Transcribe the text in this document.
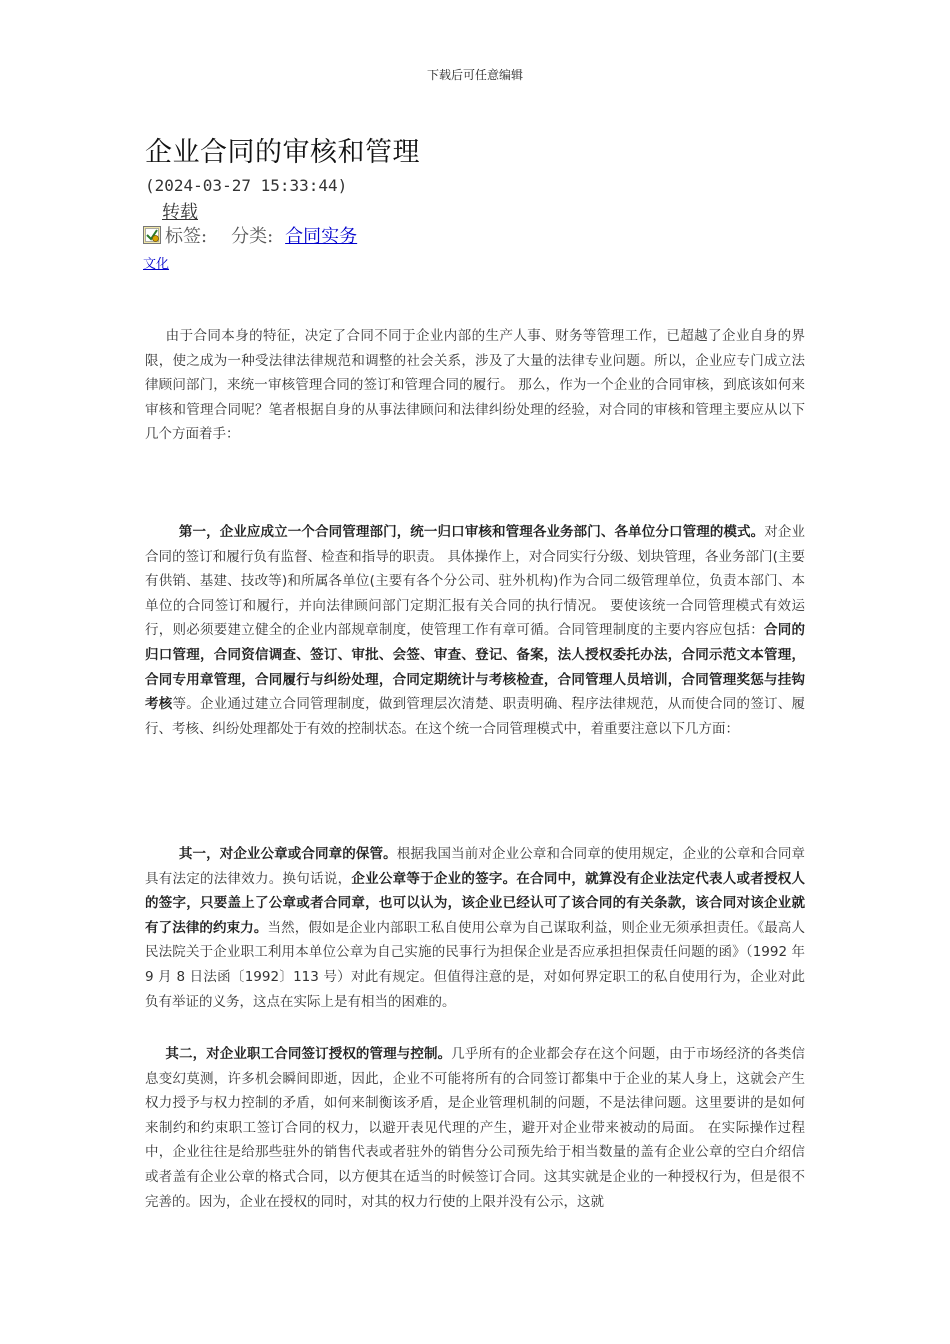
下载后可任意编辑
企业合同的审核和管理
(2024-03-27 15:33:44)
转载
标签: 分类: 合同实务
文化

  由于合同本身的特征，决定了合同不同于企业内部的生产人事、财务等管理工作，已超越了企业自身的界限，使之成为一种受法律法律规范和调整的社会关系，涉及了大量的法律专业问题。所以，企业应专门成立法律顾问部门，来统一审核管理合同的签订和管理合同的履行。 那么，作为一个企业的合同审核，到底该如何来审核和管理合同呢？笔者根据自身的从事法律顾问和法律纠纷处理的经验，对合同的审核和管理主要应从以下几个方面着手：

   第一，企业应成立一个合同管理部门，统一归口审核和管理各业务部门、各单位分口管理的模式。对企业合同的签订和履行负有监督、检查和指导的职责。 具体操作上，对合同实行分级、划块管理，各业务部门(主要有供销、基建、技改等)和所属各单位(主要有各个分公司、驻外机构)作为合同二级管理单位，负责本部门、本单位的合同签订和履行，并向法律顾问部门定期汇报有关合同的执行情况。 要使该统一合同管理模式有效运行，则必须要建立健全的企业内部规章制度，使管理工作有章可循。合同管理制度的主要内容应包括：合同的归口管理，合同资信调查、签订、审批、会签、审查、登记、备案，法人授权委托办法，合同示范文本管理，合同专用章管理，合同履行与纠纷处理，合同定期统计与考核检查，合同管理人员培训，合同管理奖惩与挂钩考核等。企业通过建立合同管理制度，做到管理层次清楚、职责明确、程序法律规范，从而使合同的签订、履行、考核、纠纷处理都处于有效的控制状态。在这个统一合同管理模式中，着重要注意以下几方面：

   其一，对企业公章或合同章的保管。根据我国当前对企业公章和合同章的使用规定，企业的公章和合同章具有法定的法律效力。换句话说，企业公章等于企业的签字。在合同中，就算没有企业法定代表人或者授权人的签字，只要盖上了公章或者合同章，也可以认为，该企业已经认可了该合同的有关条款，该合同对该企业就有了法律的约束力。当然，假如是企业内部职工私自使用公章为自己谋取利益，则企业无须承担责任。《最高人民法院关于企业职工利用本单位公章为自己实施的民事行为担保企业是否应承担担保责任问题的函》（1992 年 9 月 8 日法函〔1992〕113 号）对此有规定。但值得注意的是，对如何界定职工的私自使用行为，企业对此负有举证的义务，这点在实际上是有相当的困难的。

  其二，对企业职工合同签订授权的管理与控制。几乎所有的企业都会存在这个问题，由于市场经济的各类信息变幻莫测，许多机会瞬间即逝，因此，企业不可能将所有的合同签订都集中于企业的某人身上，这就会产生权力授予与权力控制的矛盾，如何来制衡该矛盾，是企业管理机制的问题，不是法律问题。这里要讲的是如何来制约和约束职工签订合同的权力，以避开表见代理的产生，避开对企业带来被动的局面。 在实际操作过程中，企业往往是给那些驻外的销售代表或者驻外的销售分公司预先给于相当数量的盖有企业公章的空白介绍信或者盖有企业公章的格式合同，以方便其在适当的时候签订合同。这其实就是企业的一种授权行为，但是很不完善的。因为，企业在授权的同时，对其的权力行使的上限并没有公示，这就
